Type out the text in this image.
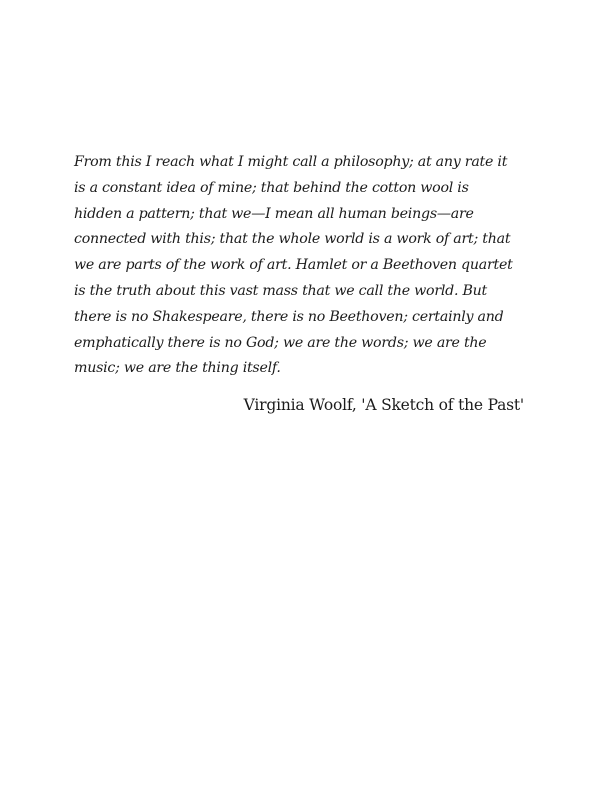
From this I reach what I might call a philosophy; at any rate it
is a constant idea of mine; that behind the cotton wool is
hidden a pattern; that we—I mean all human beings—are
connected with this; that the whole world is a work of art; that
we are parts of the work of art. Hamlet or a Beethoven quartet
is the truth about this vast mass that we call the world. But
there is no Shakespeare, there is no Beethoven; certainly and
emphatically there is no God; we are the words; we are the
music; we are the thing itself.

Virginia Woolf, 'A Sketch of the Past'
